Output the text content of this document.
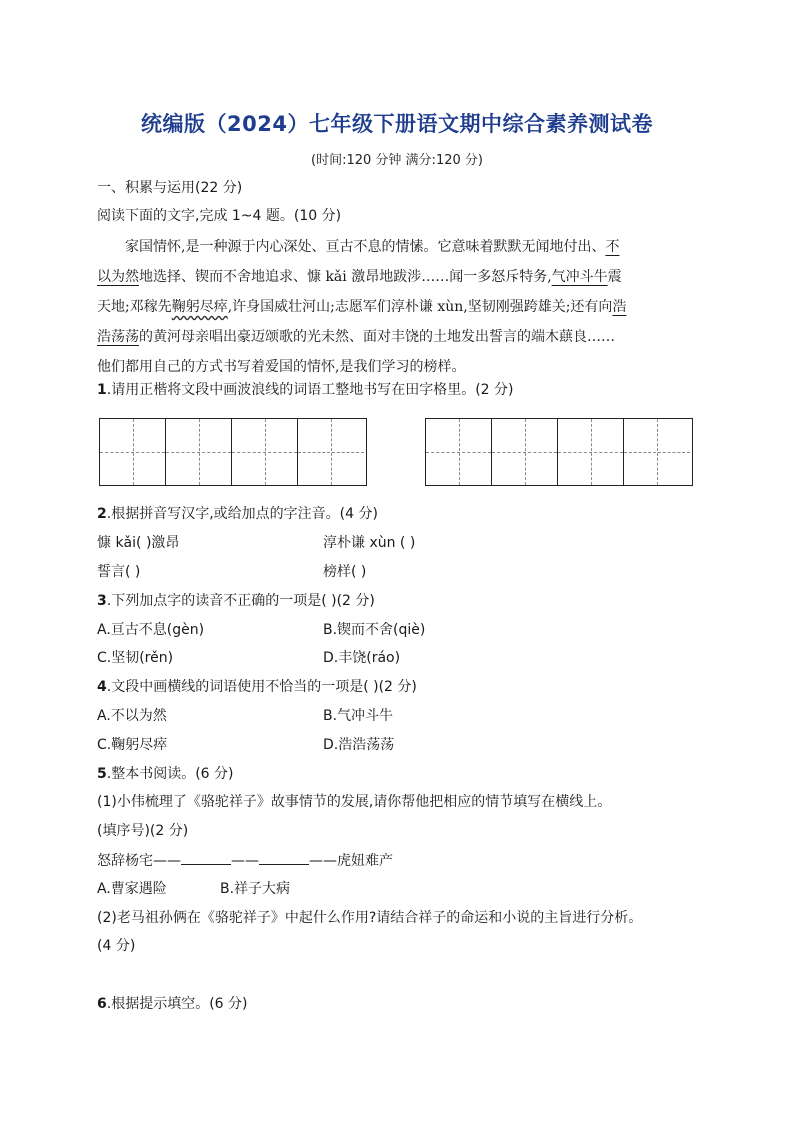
统编版（2024）七年级下册语文期中综合素养测试卷
(时间:120 分钟 满分:120 分)
一、积累与运用(22 分)
阅读下面的文字,完成 1~4 题。(10 分)

家国情怀,是一种源于内心深处、亘古不息的情愫。它意味着默默无闻地付出、 不

以为然 地选择、锲而不舍地追求、慷 kǎi 激昂地跋涉……闻一多怒斥特务, 气冲斗牛 震

天地;邓稼先 鞠躬尽瘁 ,许身国威壮河山;志愿军们淳朴谦 xùn,坚韧刚强跨雄关;还有向 浩

浩荡荡 的黄河母亲唱出豪迈颂歌的光未然、面对丰饶的土地发出誓言的端木蕻良……

他们都用自己的方式书写着爱国的情怀,是我们学习的榜样。

1.请用正楷将文段中画波浪线的词语工整地书写在田字格里。(2 分)
2.根据拼音写汉字,或给加点的字注音。(4 分)
慷 kǎi( )激昂	淳朴谦 xùn ( )
誓言( )	榜样( )
3.下列加点字的读音不正确的一项是( )(2 分)
A.亘古不息(gèn)	B.锲而不舍(qiè)
C.坚韧(rěn)	D.丰饶(ráo)
4.文段中画横线的词语使用不恰当的一项是( )(2 分)
A.不以为然	B.气冲斗牛
C.鞠躬尽瘁	D.浩浩荡荡
5.整本书阅读。(6 分)
(1)小伟梳理了《骆驼祥子》故事情节的发展,请你帮他把相应的情节填写在横线上。
(填序号)(2 分)
怒辞杨宅——	——	——虎妞难产
A.曹家遇险	B.祥子大病
(2)老马祖孙俩在《骆驼祥子》中起什么作用?请结合祥子的命运和小说的主旨进行分析。
(4 分)
6.根据提示填空。(6 分)
